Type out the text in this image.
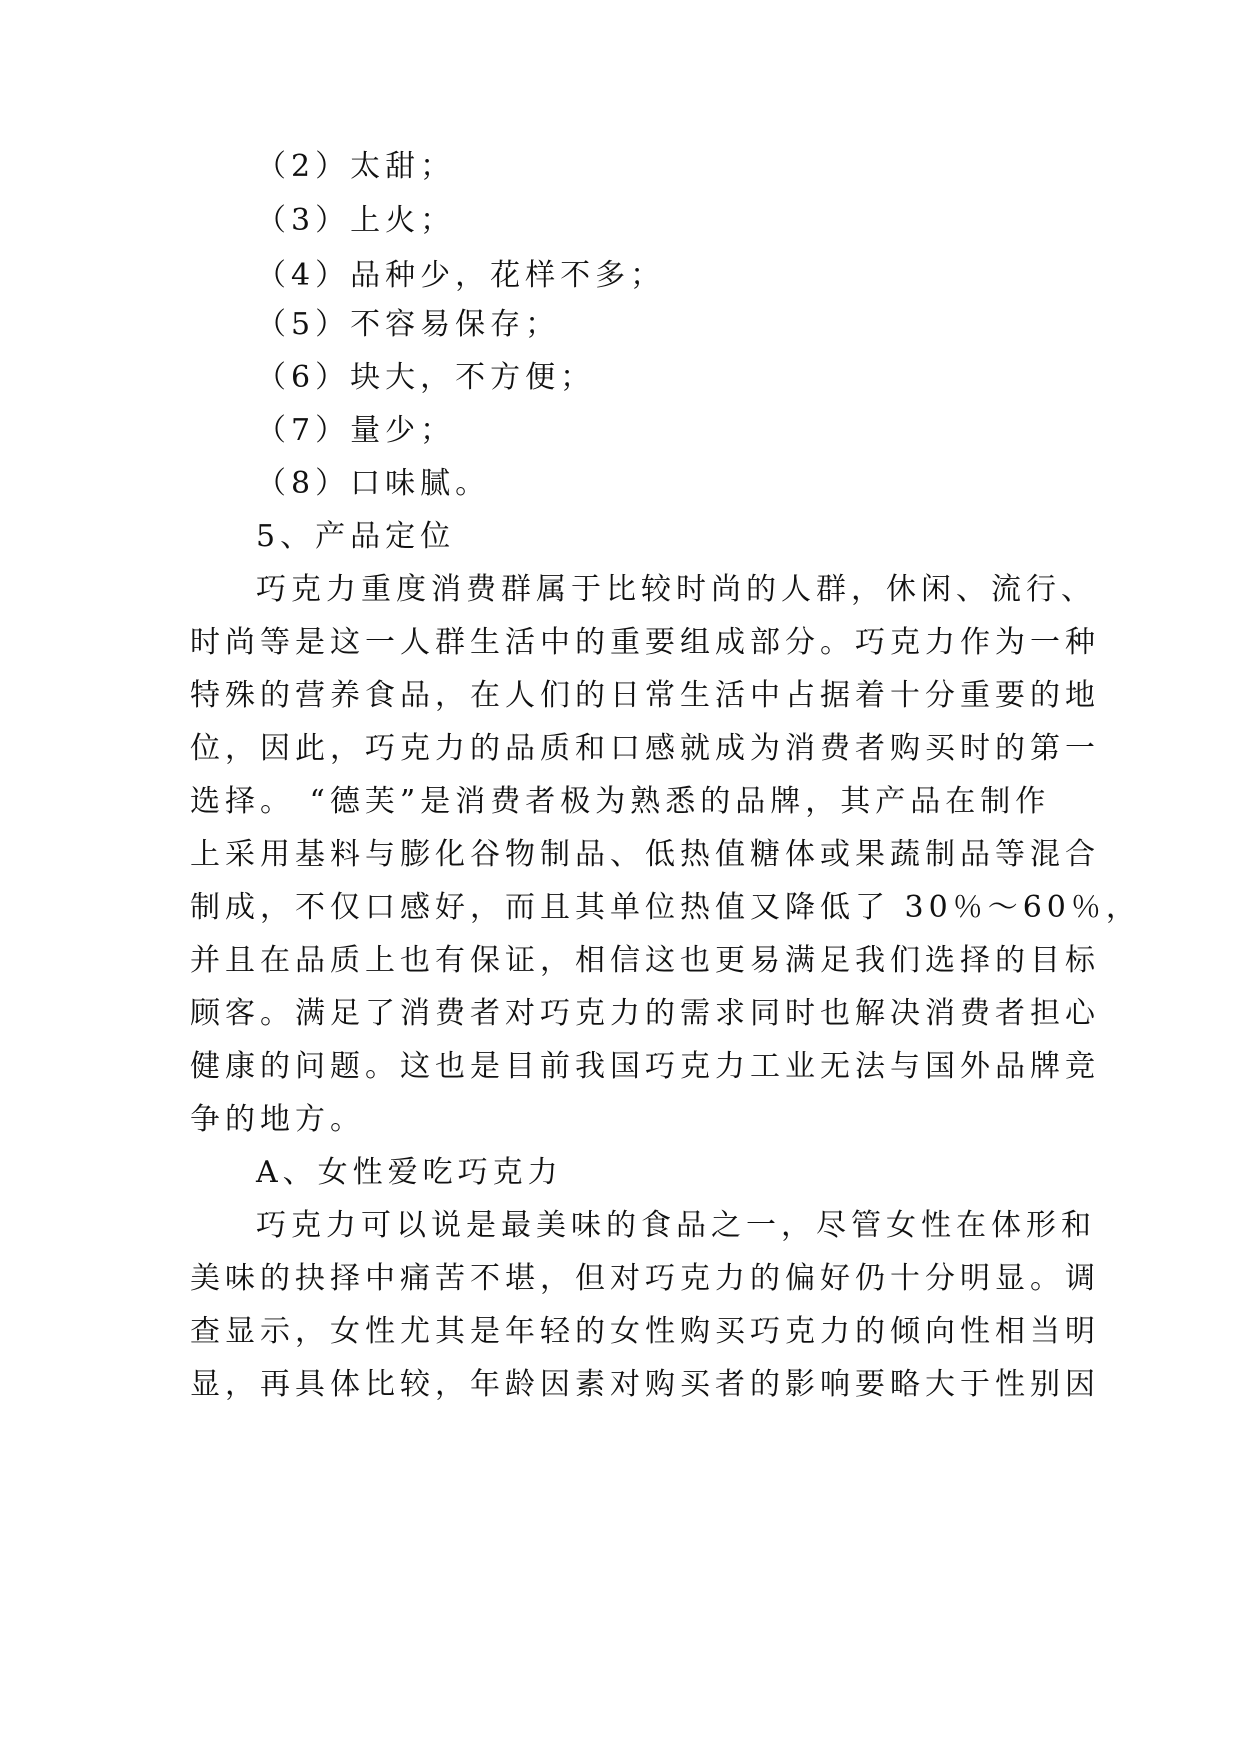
（2）太甜；
（3）上火；
（4）品种少，花样不多；
（5）不容易保存；
（6）块大，不方便；
（7）量少；
（8）口味腻。
5、产品定位
巧克力重度消费群属于比较时尚的人群，休闲、流行、
时尚等是这一人群生活中的重要组成部分。巧克力作为一种
特殊的营养食品，在人们的日常生活中占据着十分重要的地
位，因此，巧克力的品质和口感就成为消费者购买时的第一
选择。 “德芙”是消费者极为熟悉的品牌，其产品在制作
上采用基料与膨化谷物制品、低热值糖体或果蔬制品等混合
制成，不仅口感好，而且其单位热值又降低了 30％～60％，
并且在品质上也有保证，相信这也更易满足我们选择的目标
顾客。满足了消费者对巧克力的需求同时也解决消费者担心
健康的问题。这也是目前我国巧克力工业无法与国外品牌竞
争的地方。
A、女性爱吃巧克力
巧克力可以说是最美味的食品之一，尽管女性在体形和
美味的抉择中痛苦不堪，但对巧克力的偏好仍十分明显。调
查显示，女性尤其是年轻的女性购买巧克力的倾向性相当明
显，再具体比较，年龄因素对购买者的影响要略大于性别因
